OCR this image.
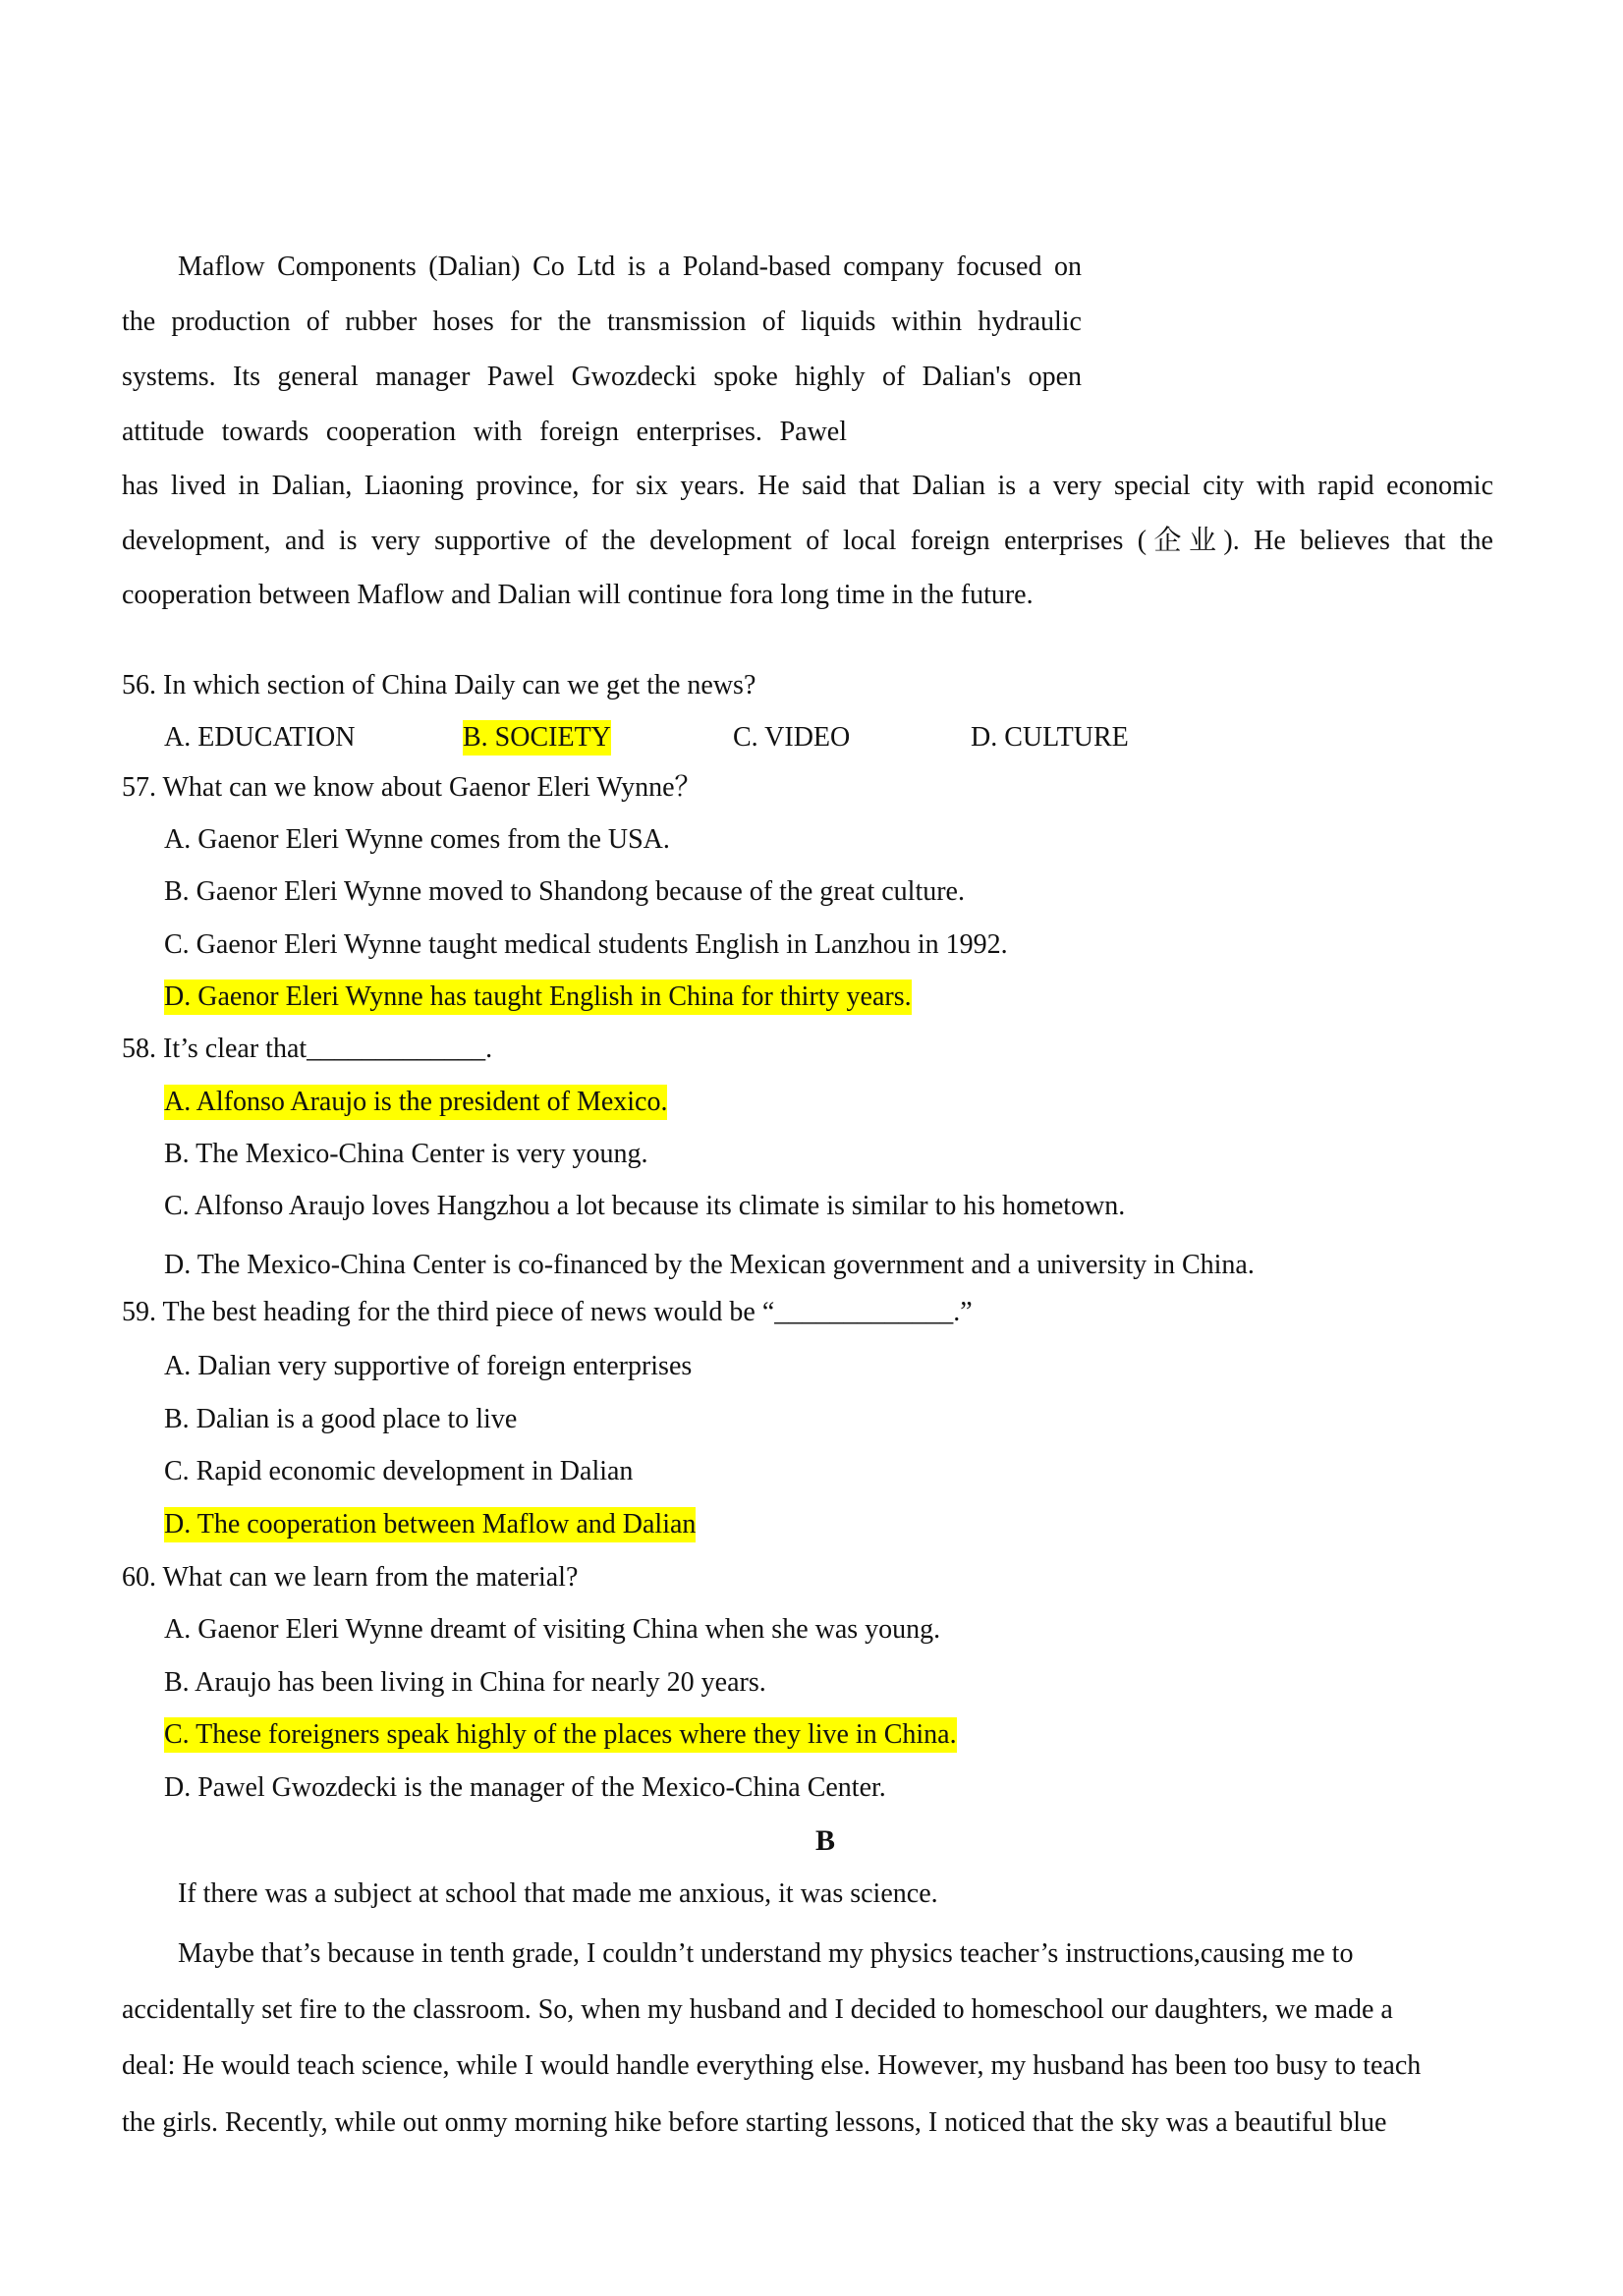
Maflow Components (Dalian) Co Ltd is a Poland-based company focused on

the production of rubber hoses for the transmission of liquids within hydraulic

systems. Its general manager Pawel Gwozdecki spoke highly of Dalian's open

attitude towards cooperation with foreign enterprises. Pawel

has lived in Dalian, Liaoning province, for six years. He said that Dalian is a very special city with rapid economic

development, and is very supportive of the development of local foreign enterprises (企业). He believes that the

cooperation between Maflow and Dalian will continue fora long time in the future.

56. In which section of China Daily can we get the news?

A. EDUCATION	B. SOCIETY	C. VIDEO	D. CULTURE

57. What can we know about Gaenor Eleri Wynne？

A. Gaenor Eleri Wynne comes from the USA.
B. Gaenor Eleri Wynne moved to Shandong because of the great culture.
C. Gaenor Eleri Wynne taught medical students English in Lanzhou in 1992.
D. Gaenor Eleri Wynne has taught English in China for thirty years.

58. It’s clear that_____________.

A. Alfonso Araujo is the president of Mexico.
B. The Mexico-China Center is very young.
C. Alfonso Araujo loves Hangzhou a lot because its climate is similar to his hometown.
D. The Mexico-China Center is co-financed by the Mexican government and a university in China.

59. The best heading for the third piece of news would be “_____________.”

A. Dalian very supportive of foreign enterprises
B. Dalian is a good place to live
C. Rapid economic development in Dalian
D. The cooperation between Maflow and Dalian

60. What can we learn from the material?

A. Gaenor Eleri Wynne dreamt of visiting China when she was young.
B. Araujo has been living in China for nearly 20 years.
C. These foreigners speak highly of the places where they live in China.
D. Pawel Gwozdecki is the manager of the Mexico-China Center.
B

If there was a subject at school that made me anxious, it was science.

Maybe that’s because in tenth grade, I couldn’t understand my physics teacher’s instructions,causing me to

accidentally set fire to the classroom. So, when my husband and I decided to homeschool our daughters, we made a

deal: He would teach science, while I would handle everything else. However, my husband has been too busy to teach

the girls. Recently, while out onmy morning hike before starting lessons, I noticed that the sky was a beautiful blue
